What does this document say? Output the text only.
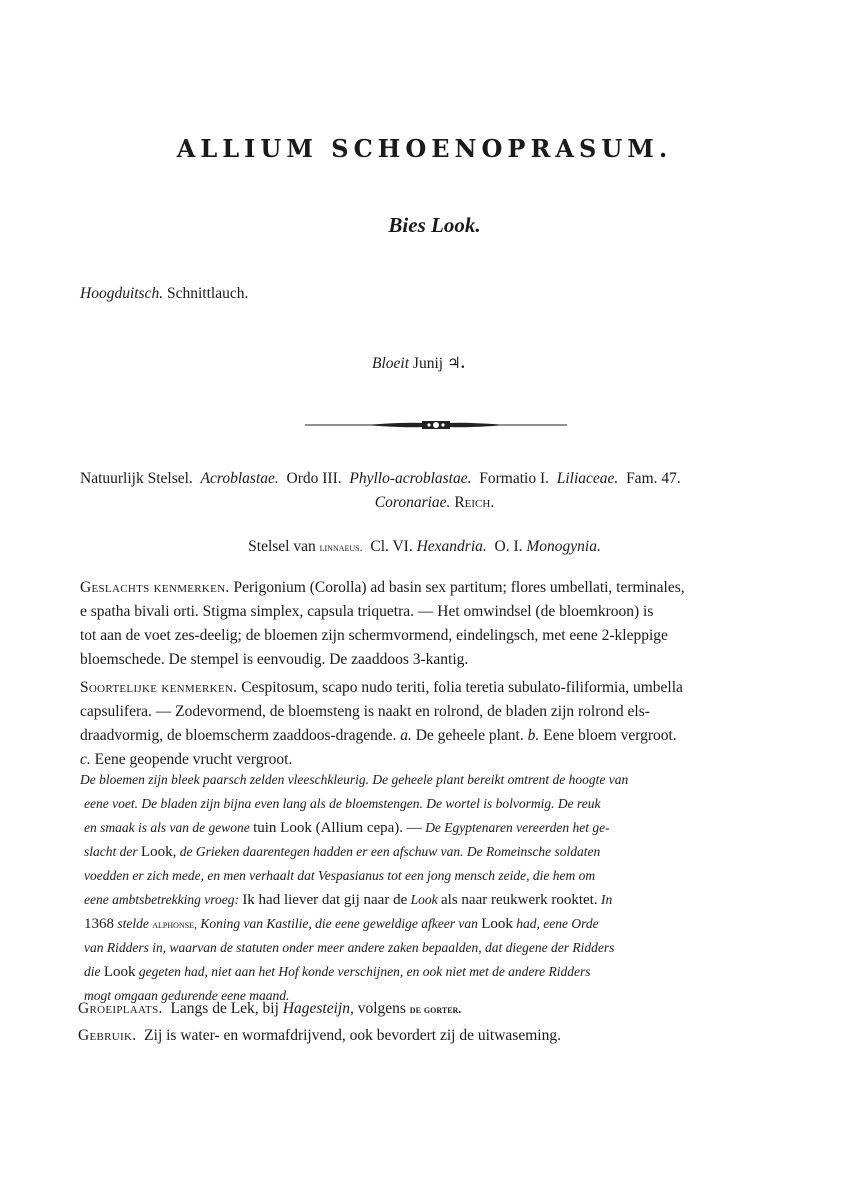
ALLIUM SCHOENOPRASUM.
Bies Look.
Hoogduitsch. Schnittlauch.
Bloeit Junij ♃.
Natuurlijk Stelsel. Acroblastae. Ordo III. Phyllo-acroblastae. Formatio I. Liliaceae. Fam. 47.
Coronariae. Reich.
Stelsel van linnaeus. Cl. VI. Hexandria. O. I. Monogynia.
Geslachts kenmerken. Perigonium (Corolla) ad basin sex partitum; flores umbellati, terminales,
e spatha bivali orti. Stigma simplex, capsula triquetra. — Het omwindsel (de bloemkroon) is
tot aan de voet zes-deelig; de bloemen zijn schermvormend, eindelingsch, met eene 2-kleppige
bloemschede. De stempel is eenvoudig. De zaaddoos 3-kantig.
Soortelijke kenmerken. Cespitosum, scapo nudo teriti, folia teretia subulato-filiformia, umbella
capsulifera. — Zodevormend, de bloemsteng is naakt en rolrond, de bladen zijn rolrond els-
draadvormig, de bloemscherm zaaddoos-dragende. a. De geheele plant. b. Eene bloem vergroot.
c. Eene geopende vrucht vergroot.
De bloemen zijn bleek paarsch zelden vleeschkleurig. De geheele plant bereikt omtrent de hoogte van
eene voet. De bladen zijn bijna even lang als de bloemstengen. De wortel is bolvormig. De reuk
en smaak is als van de gewone tuin Look (Allium cepa). — De Egyptenaren vereerden het ge-
slacht der Look, de Grieken daarentegen hadden er een afschuw van. De Romeinsche soldaten
voedden er zich mede, en men verhaalt dat Vespasianus tot een jong mensch zeide, die hem om
eene ambtsbetrekking vroeg: Ik had liever dat gij naar de Look als naar reukwerk rooktet. In
1368 stelde alphonse, Koning van Kastilie, die eene geweldige afkeer van Look had, eene Orde
van Ridders in, waarvan de statuten onder meer andere zaken bepaalden, dat diegene der Ridders
die Look gegeten had, niet aan het Hof konde verschijnen, en ook niet met de andere Ridders
mogt omgaan gedurende eene maand.
Groeiplaats. Langs de Lek, bij Hagesteijn, volgens de gorter.
Gebruik. Zij is water- en wormafdrijvend, ook bevordert zij de uitwaseming.
